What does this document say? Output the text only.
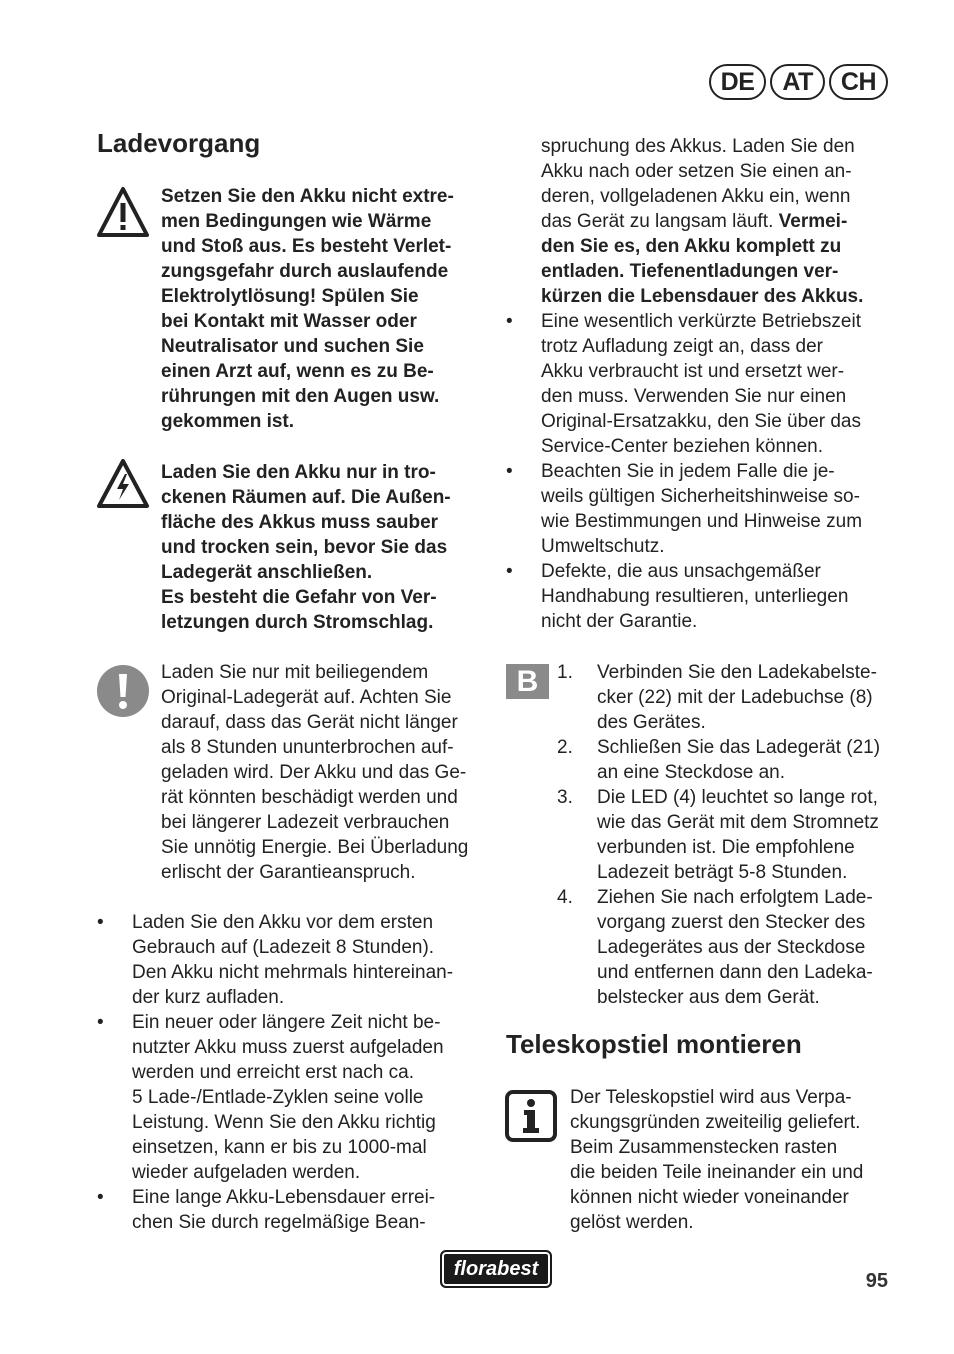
DE	AT	CH
Ladevorgang
Setzen Sie den Akku nicht extre-
men Bedingungen wie Wärme
und Stoß aus. Es besteht Verlet-
zungsgefahr durch auslaufende
Elektrolytlösung! Spülen Sie
bei Kontakt mit Wasser oder
Neutralisator und suchen Sie
einen Arzt auf, wenn es zu Be-
rührungen mit den Augen usw.
gekommen ist.
Laden Sie den Akku nur in tro-
ckenen Räumen auf. Die Außen-
fläche des Akkus muss sauber
und trocken sein, bevor Sie das
Ladegerät anschließen.
Es besteht die Gefahr von Ver-
letzungen durch Stromschlag.
Laden Sie nur mit beiliegendem
Original-Ladegerät auf. Achten Sie
darauf, dass das Gerät nicht länger
als 8 Stunden ununterbrochen auf-
geladen wird. Der Akku und das Ge-
rät könnten beschädigt werden und
bei längerer Ladezeit verbrauchen
Sie unnötig Energie. Bei Überladung
erlischt der Garantieanspruch.
• Laden Sie den Akku vor dem ersten
Gebrauch auf (Ladezeit 8 Stunden).
Den Akku nicht mehrmals hintereinan-
der kurz aufladen.
• Ein neuer oder längere Zeit nicht be-
nutzter Akku muss zuerst aufgeladen
werden und erreicht erst nach ca.
5 Lade-/Entlade-Zyklen seine volle
Leistung. Wenn Sie den Akku richtig
einsetzen, kann er bis zu 1000-mal
wieder aufgeladen werden.
• Eine lange Akku-Lebensdauer errei-
chen Sie durch regelmäßige Bean-
spruchung des Akkus. Laden Sie den
Akku nach oder setzen Sie einen an-
deren, vollgeladenen Akku ein, wenn
das Gerät zu langsam läuft. Vermei-
den Sie es, den Akku komplett zu
entladen. Tiefenentladungen ver-
kürzen die Lebensdauer des Akkus.
• Eine wesentlich verkürzte Betriebszeit
trotz Aufladung zeigt an, dass der
Akku verbraucht ist und ersetzt wer-
den muss. Verwenden Sie nur einen
Original-Ersatzakku, den Sie über das
Service-Center beziehen können.
• Beachten Sie in jedem Falle die je-
weils gültigen Sicherheitshinweise so-
wie Bestimmungen und Hinweise zum
Umweltschutz.
• Defekte, die aus unsachgemäßer
Handhabung resultieren, unterliegen
nicht der Garantie.
B 1. Verbinden Sie den Ladekabelste-
cker (22) mit der Ladebuchse (8)
des Gerätes.
2. Schließen Sie das Ladegerät (21)
an eine Steckdose an.
3. Die LED (4) leuchtet so lange rot,
wie das Gerät mit dem Stromnetz
verbunden ist. Die empfohlene
Ladezeit beträgt 5-8 Stunden.
4. Ziehen Sie nach erfolgtem Lade-
vorgang zuerst den Stecker des
Ladegerätes aus der Steckdose
und entfernen dann den Ladeka-
belstecker aus dem Gerät.
Teleskopstiel montieren
Der Teleskopstiel wird aus Verpa-
ckungsgründen zweiteilig geliefert.
Beim Zusammenstecken rasten
die beiden Teile ineinander ein und
können nicht wieder voneinander
gelöst werden.
florabest
95
